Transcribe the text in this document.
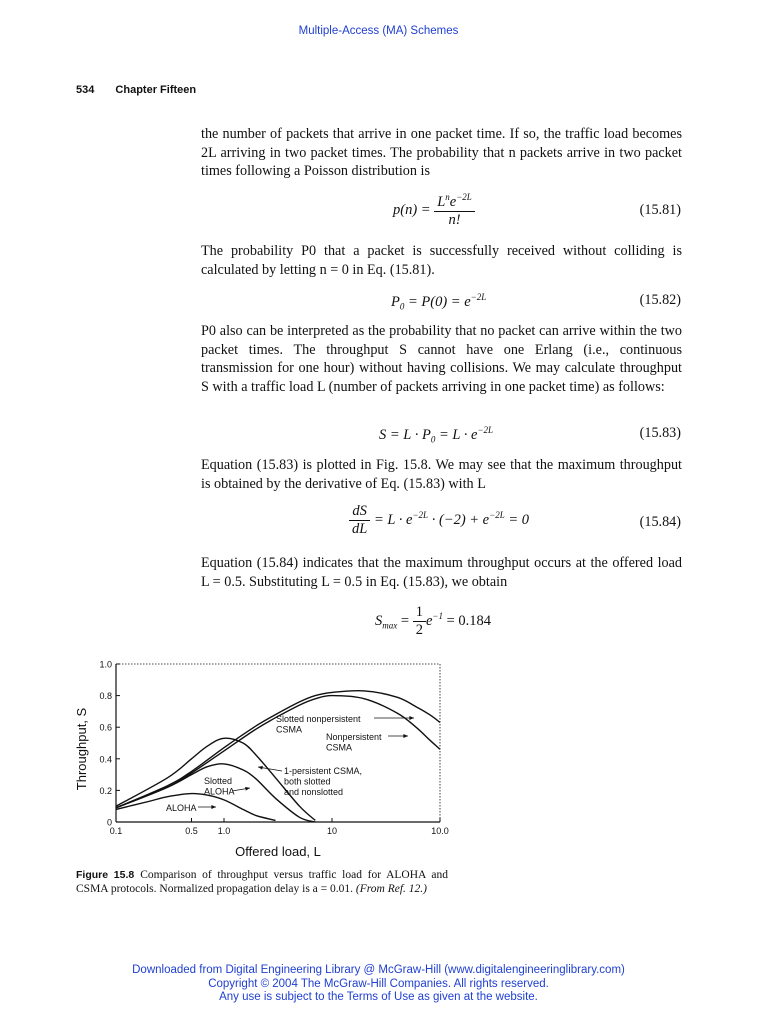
Multiple-Access (MA) Schemes
534 Chapter Fifteen

the number of packets that arrive in one packet time. If so, the traffic load becomes 2L arriving in two packet times. The probability that n packets arrive in two packet times following a Poisson distribution is

$p(n) = \frac{L^ne^{-2L}}{n!}$	(15.81)

The probability P0 that a packet is successfully received without colliding is calculated by letting n = 0 in Eq. (15.81).

$P_0 = P(0) = e^{-2L}$	(15.82)

P0 also can be interpreted as the probability that no packet can arrive within the two packet times. The throughput S cannot have one Erlang (i.e., continuous transmission for one hour) without having collisions. We may calculate throughput S with a traffic load L (number of packets arriving in one packet time) as follows:

$S = L \cdot P_0 = L \cdot e^{-2L}$	(15.83)

Equation (15.83) is plotted in Fig. 15.8. We may see that the maximum throughput is obtained by the derivative of Eq. (15.83) with L

$\frac{dS}{dL} = L \cdot e^{-2L} \cdot (-2) + e^{-2L} = 0$	(15.84)

Equation (15.84) indicates that the maximum throughput occurs at the offered load L = 0.5. Substituting L = 0.5 in Eq. (15.83), we obtain

$S_{max} = \frac{1}{2} e^{-1} = 0.184$
0
0.2
0.4
0.6
0.8
1.0
0.1	0.5 1.0	10	10.0
Offered load, L
Throughput, S	Slotted nonpersistent
CSMA
Nonpersistent
CSMA
1-persistent CSMA,
both slotted
and nonslotted
Slotted
ALOHA
ALOHA
Figure 15.8 Comparison of throughput versus traffic load for ALOHA and CSMA protocols. Normalized propagation delay is a = 0.01. (From Ref. 12.)
Downloaded from Digital Engineering Library @ McGraw-Hill (www.digitalengineeringlibrary.com)
Copyright © 2004 The McGraw-Hill Companies. All rights reserved.
Any use is subject to the Terms of Use as given at the website.
